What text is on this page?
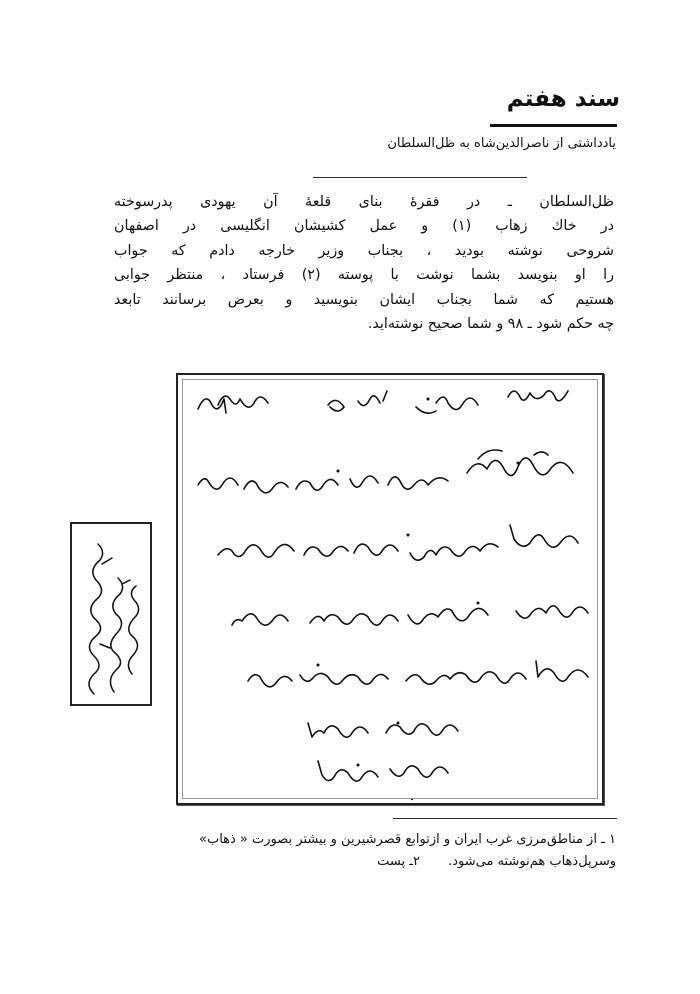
سند هفتم
يادداشتى از ناصرالدين‌شاه به ظل‌السلطان
ظل‌السلطان ـ در فقرهٔ بناى قلعهٔ آن يهودى پدرسوخته
در خاك زهاب (١) و عمل كشيشان انگليسى در اصفهان
شروحى نوشته بوديد ، بجناب وزير خارجه دادم كه جواب
را او بنويسد بشما نوشت با پوسته (٢) فرستاد ، منتظر جوابى
هستيم كه شما بجناب ايشان بنويسيد و بعرض برسانند تابعد
چه حكم شود ـ ٩٨ و شما صحيح نوشته‌ايد.
١ ـ از مناطق‌مرزى غرب ايران و از‌توابع قصرشيرين و بيشتر بصورت « ذهاب»
وسرپل‌ذهاب هم‌نوشته مى‌شود. ٢ـ پست
